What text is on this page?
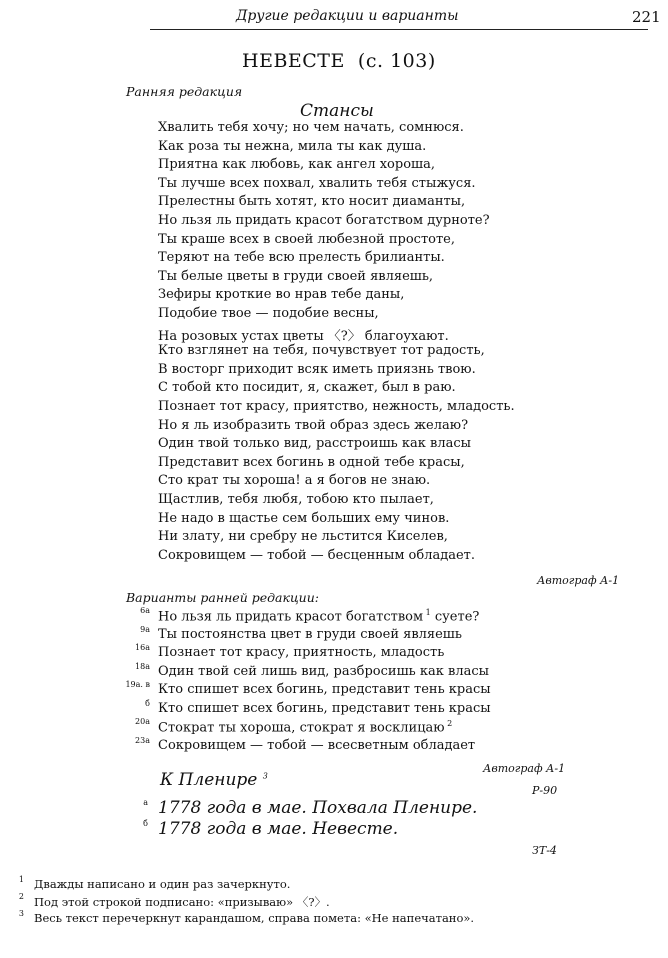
Другие редакции и варианты	221
НЕВЕСТЕ  (с. 103)
Ранняя редакция
Стансы
Хвалить тебя хочу; но чем начать, сомнюся.
Как роза ты нежна, мила ты как душа.
Приятна как любовь, как ангел хороша,
Ты лучше всех похвал, хвалить тебя стыжуся.
Прелестны быть хотят, кто носит диаманты,
Но льзя ль придать красот богатством дурноте?
Ты краше всех в своей любезной простоте,
Теряют на тебе всю прелесть брилианты.
Ты белые цветы в груди своей являешь,
Зефиры кроткие во нрав тебе даны,
Подобие твое — подобие весны,
На розовых устах цветы 〈?〉 благоухают.
Кто взглянет на тебя, почувствует тот радость,
В восторг приходит всяк иметь приязнь твою.
С тобой кто посидит, я, скажет, был в раю.
Познает тот красу, приятство, нежность, младость.
Но я ль изобразить твой образ здесь желаю?
Один твой только вид, расстроишь как власы
Представит всех богинь в одной тебе красы,
Сто крат ты хороша! а я богов не знаю.
Щастлив, тебя любя, тобою кто пылает,
Не надо в щастье сем больших ему чинов.
Ни злату, ни сребру не льстится Киселев,
Сокровищем — тобой — бесценным обладает.
Автограф А-1
Варианты ранней редакции:
6а Но льзя ль придать красот богатством $^1$ суете?
9а Ты постоянства цвет в груди своей являешь
16а Познает тот красу, приятность, младость
18а Один твой сей лишь вид, разбросишь как власы
19а. в Кто спишет всех богинь, представит тень красы
б Кто спишет всех богинь, представит тень красы
20а Стократ ты хороша, стократ я восклицаю $^2$
23а Сокровищем — тобой — всесветным обладает
Автограф А-1
К Пленире $^3$
Р-90
а 1778 года в мае. Похвала Пленире.
б 1778 года в мае. Невесте.
ЗТ-4
1 Дважды написано и один раз зачеркнуто.
2 Под этой строкой подписано: «призываю» 〈?〉.
3 Весь текст перечеркнут карандашом, справа помета: «Не напечатано».
